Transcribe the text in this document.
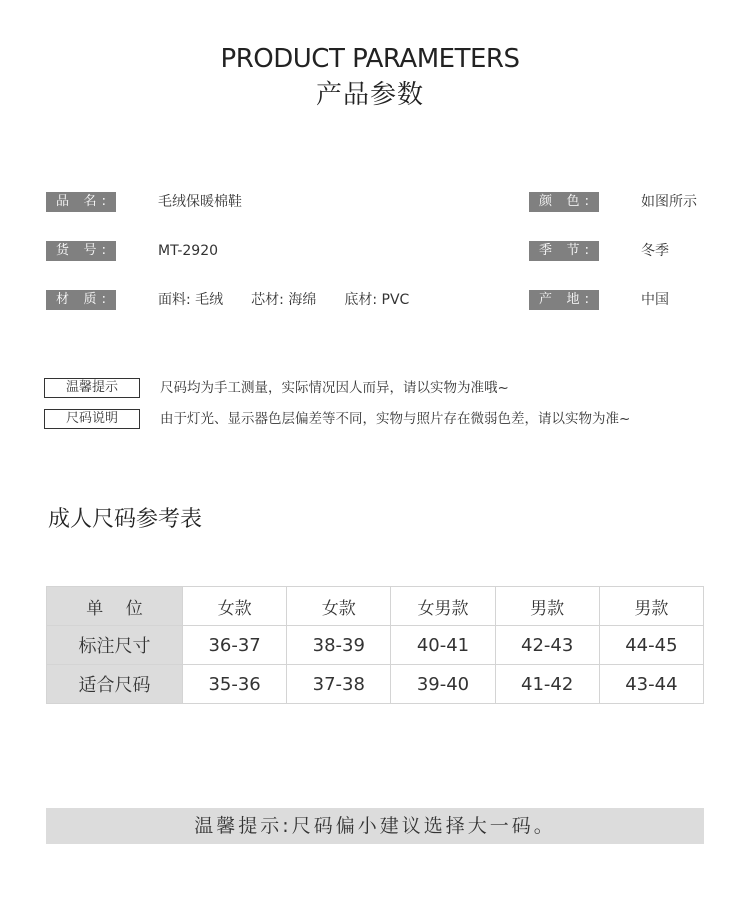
PRODUCT PARAMETERS
产品参数
品 名:	毛绒保暖棉鞋	颜 色:	如图所示
货 号:	MT-2920	季 节:	冬季
材 质:	面料: 毛绒　　芯材: 海绵　　底材: PVC	产 地:	中国
温馨提示	尺码均为手工测量，实际情况因人而异，请以实物为准哦~
尺码说明	由于灯光、显示器色层偏差等不同，实物与照片存在微弱色差，请以实物为准~
成人尺码参考表
单　 位	女款	女款	女男款	男款	男款
标注尺寸	36-37	38-39	40-41	42-43	44-45
适合尺码	35-36	37-38	39-40	41-42	43-44
温馨提示:尺码偏小建议选择大一码。
